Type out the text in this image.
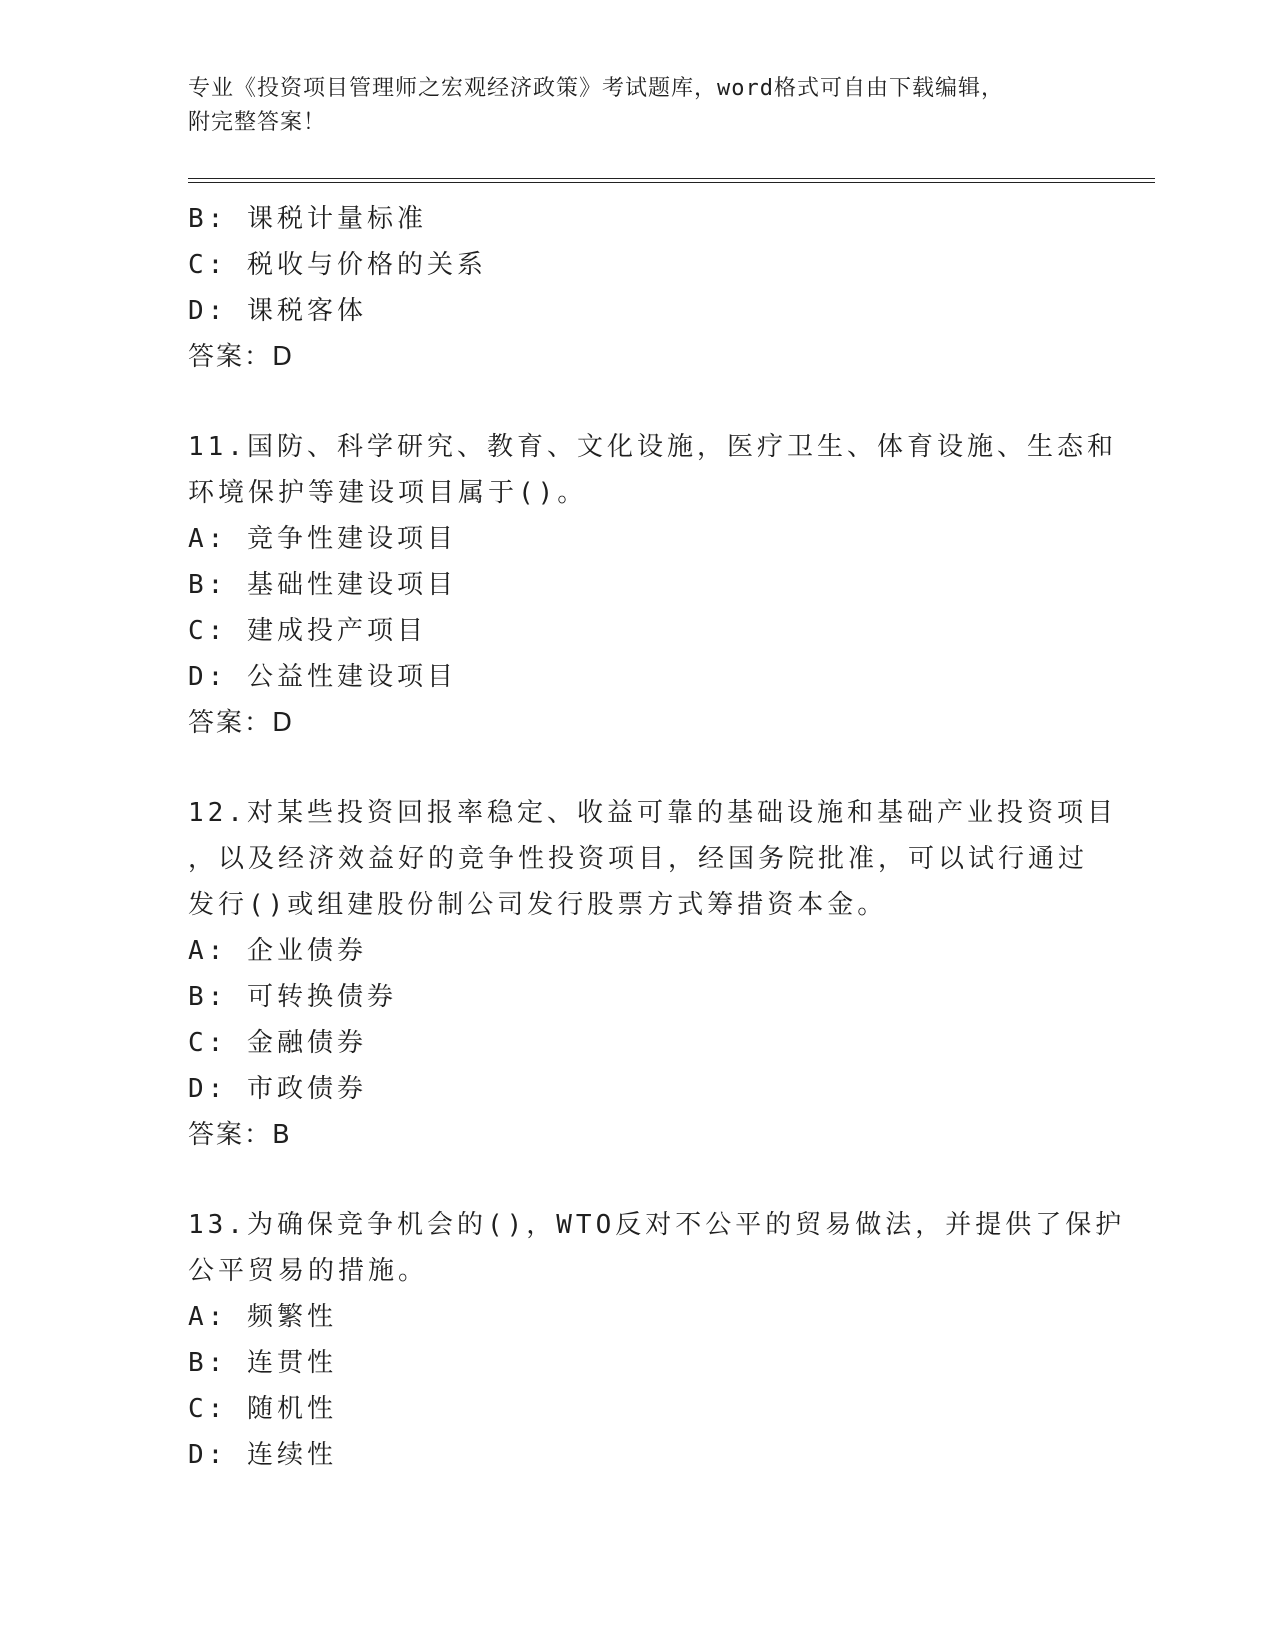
专业《投资项目管理师之宏观经济政策》考试题库，word格式可自由下载编辑，

附完整答案！

B: 课税计量标准

C: 税收与价格的关系

D: 课税客体

答案：D

11.国防、科学研究、教育、文化设施，医疗卫生、体育设施、生态和

环境保护等建设项目属于()。

A: 竞争性建设项目

B: 基础性建设项目

C: 建成投产项目

D: 公益性建设项目

答案：D

12.对某些投资回报率稳定、收益可靠的基础设施和基础产业投资项目

，以及经济效益好的竞争性投资项目，经国务院批准，可以试行通过

发行()或组建股份制公司发行股票方式筹措资本金。

A: 企业债券

B: 可转换债券

C: 金融债券

D: 市政债券

答案：B

13.为确保竞争机会的()，WTO反对不公平的贸易做法，并提供了保护

公平贸易的措施。

A: 频繁性

B: 连贯性

C: 随机性

D: 连续性
